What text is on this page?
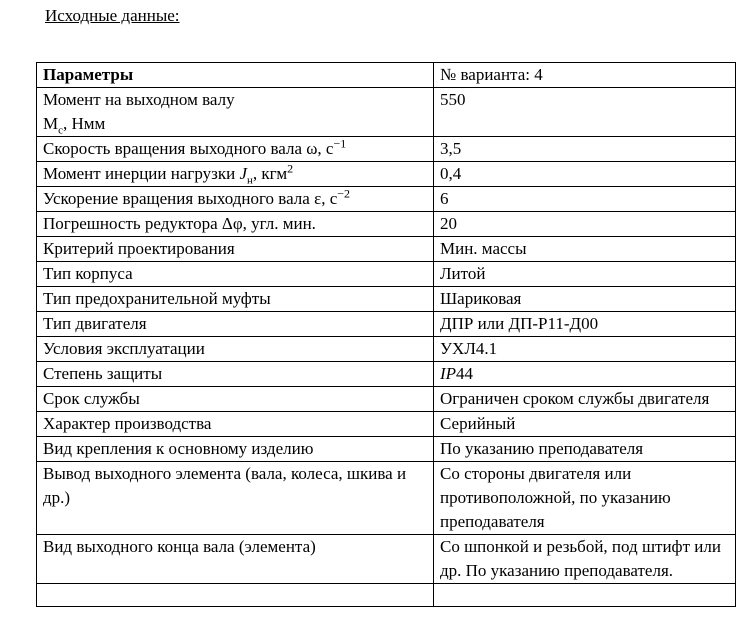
Исходные данные:
Параметры	№ варианта: 4
Момент на выходном валу
$M_c$, Нмм	550
Скорость вращения выходного вала ω, $с^{-1}$	3,5
Момент инерции нагрузки $J_н$, кгм$^2$	0,4
Ускорение вращения выходного вала ε, $с^{-2}$	6
Погрешность редуктора Δφ, угл. мин.	20
Критерий проектирования	Мин. массы
Тип корпуса	Литой
Тип предохранительной муфты	Шариковая
Тип двигателя	ДПР или ДП-Р11-Д00
Условия эксплуатации	УХЛ4.1
Степень защиты	IP44
Срок службы	Ограничен сроком службы двигателя
Характер производства	Серийный
Вид крепления к основному изделию	По указанию преподавателя
Вывод выходного элемента (вала, колеса, шкива и др.)	Со стороны двигателя или противоположной, по указанию преподавателя
Вид выходного конца вала (элемента)	Со шпонкой и резьбой, под штифт или др. По указанию преподавателя.
